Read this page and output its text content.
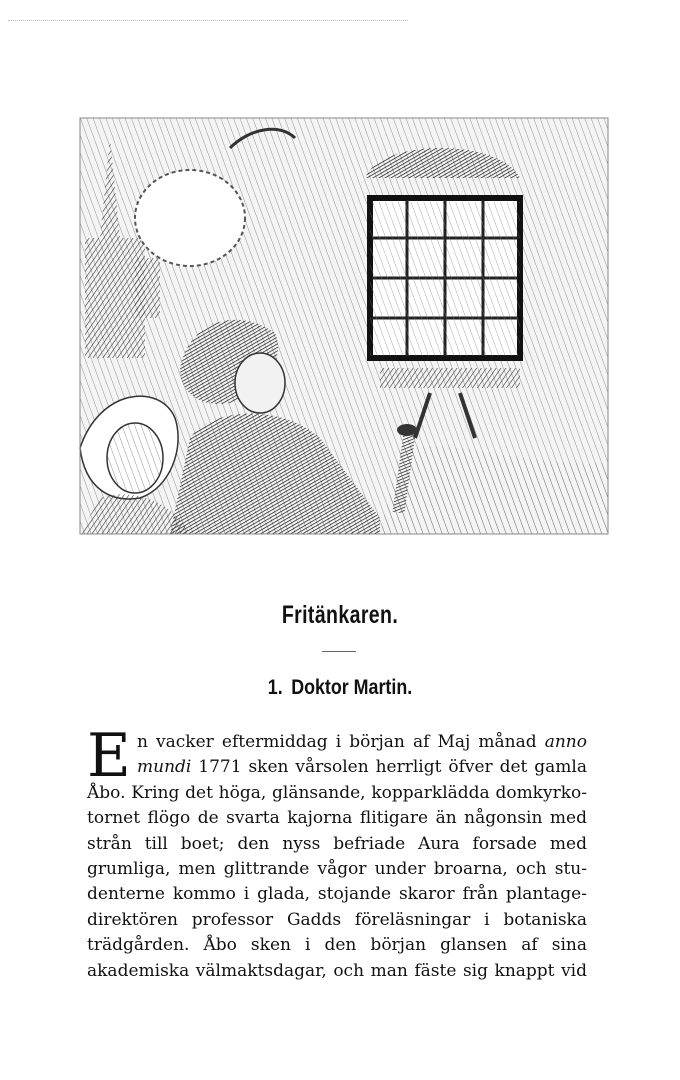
Fritänkaren.
1. Doktor Martin.
E n vacker eftermiddag i början af Maj månad anno
mundi 1771 sken vårsolen herrligt öfver det gamla
Åbo. Kring det höga, glänsande, kopparklädda domkyrko-
tornet flögo de svarta kajorna flitigare än någonsin med
strån till boet; den nyss befriade Aura forsade med
grumliga, men glittrande vågor under broarna, och stu-
denterne kommo i glada, stojande skaror från plantage-
direktören professor Gadds föreläsningar i botaniska
trädgården. Åbo sken i den början glansen af sina
akademiska välmaktsdagar, och man fäste sig knappt vid
